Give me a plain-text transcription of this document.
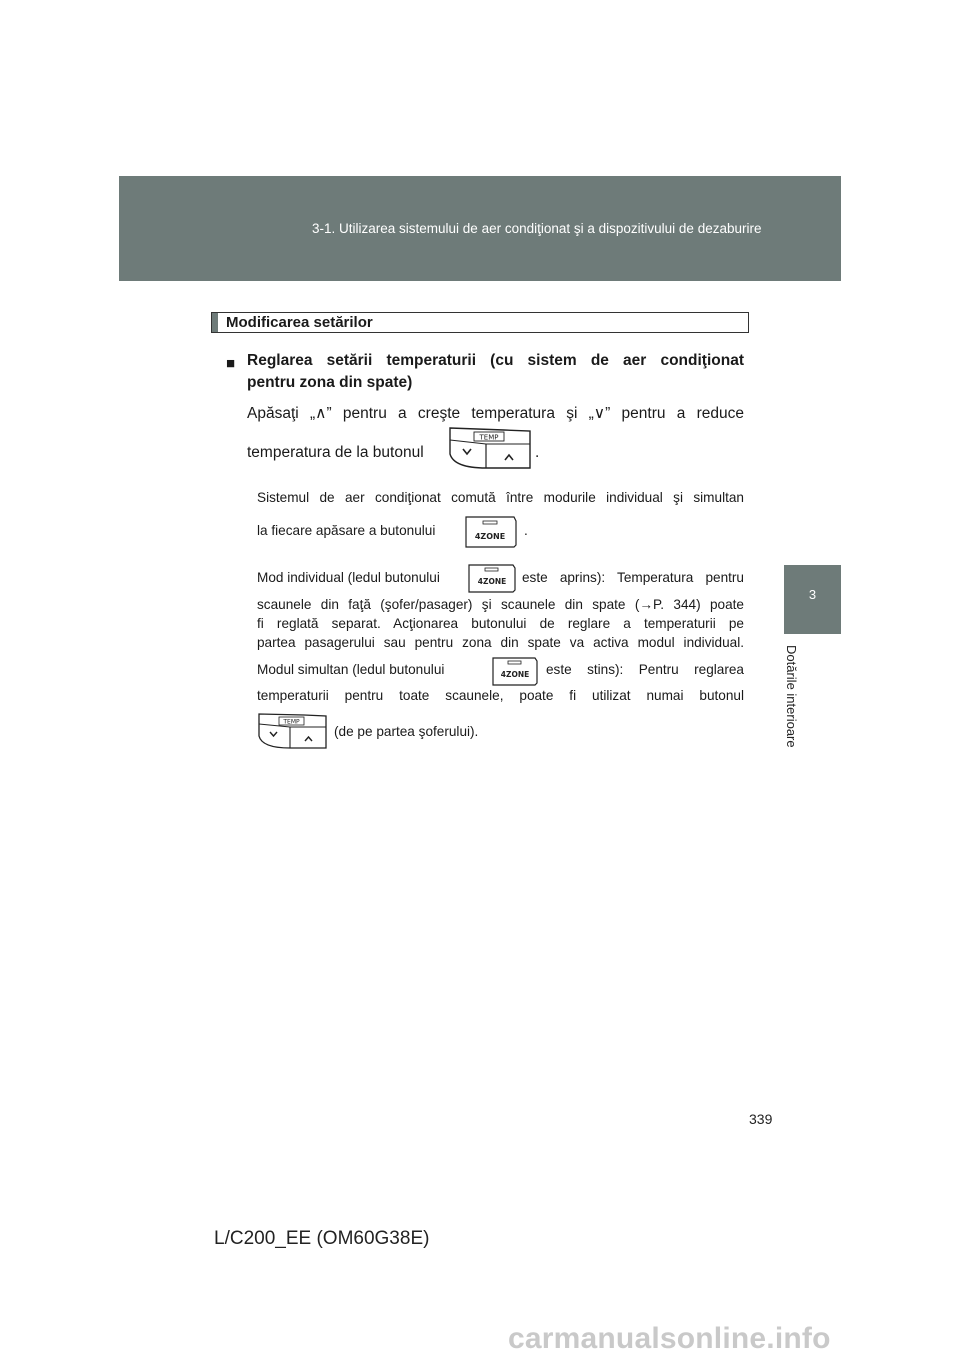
3-1. Utilizarea sistemului de aer condiţionat şi a dispozitivului de dezaburire
3
Dotările interioare
Modificarea setărilor
■ Reglarea setării temperaturii (cu sistem de aer condiţionat
pentru zona din spate)
Apăsaţi „∧” pentru a creşte temperatura şi „∨” pentru a reduce
temperatura de la butonul	.
TEMP
Sistemul de aer condiţionat comută între modurile individual şi simultan
la fiecare apăsare a butonului	.
4ZONE
Mod individual (ledul butonului	4ZONE este aprins): Temperatura pentru
scaunele din faţă (şofer/pasager) şi scaunele din spate (→P. 344) poate
fi reglată separat. Acţionarea butonului de reglare a temperaturii pe
partea pasagerului sau pentru zona din spate va activa modul individual.
Modul simultan (ledul butonului	4ZONE este stins): Pentru reglarea
temperaturii pentru toate scaunele, poate fi utilizat numai butonul
TEMP
(de pe partea şoferului).
339
L/C200_EE (OM60G38E)
carmanualsonline.info
